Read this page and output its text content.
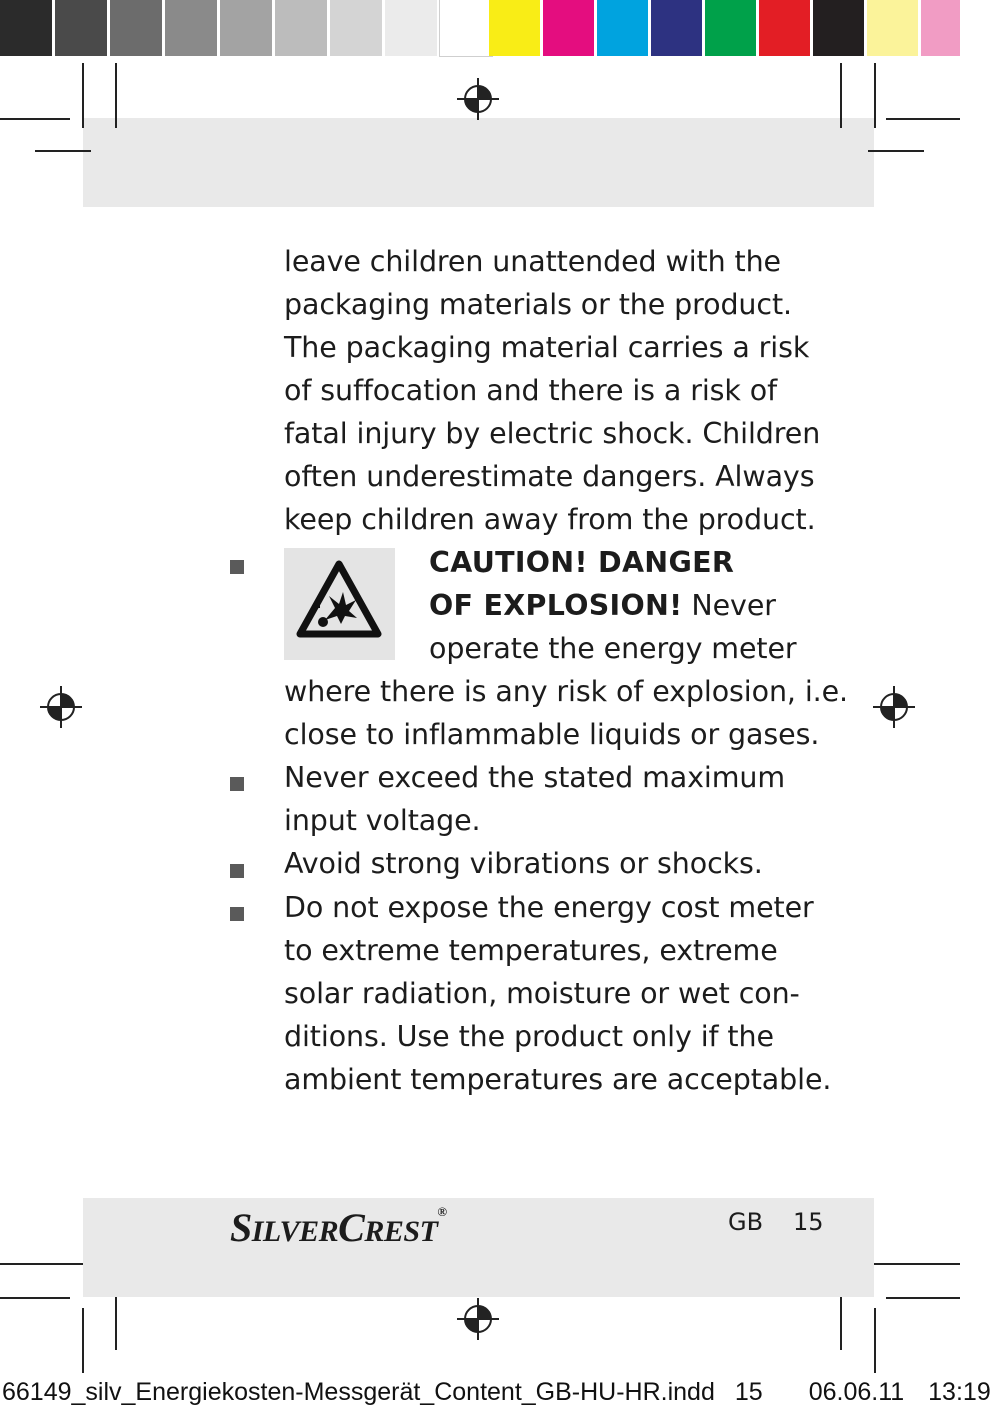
leave children unattended with the
packaging materials or the product.
The packaging material carries a risk
of suffocation and there is a risk of
fatal injury by electric shock. Children
often underestimate dangers. Always
keep children away from the product.
CAUTION! DANGER
OF EXPLOSION! Never
operate the energy meter
where there is any risk of explosion, i.e.
close to inflammable liquids or gases.
Never exceed the stated maximum
input voltage.
Avoid strong vibrations or shocks.
Do not expose the energy cost meter
to extreme temperatures, extreme
solar radiation, moisture or wet con-
ditions. Use the product only if the
ambient temperatures are acceptable.
SILVERCREST®	GB 15
66149_silv_Energiekosten-Messgerät_Content_GB-HU-HR.indd 15 06.06.11 13:19
